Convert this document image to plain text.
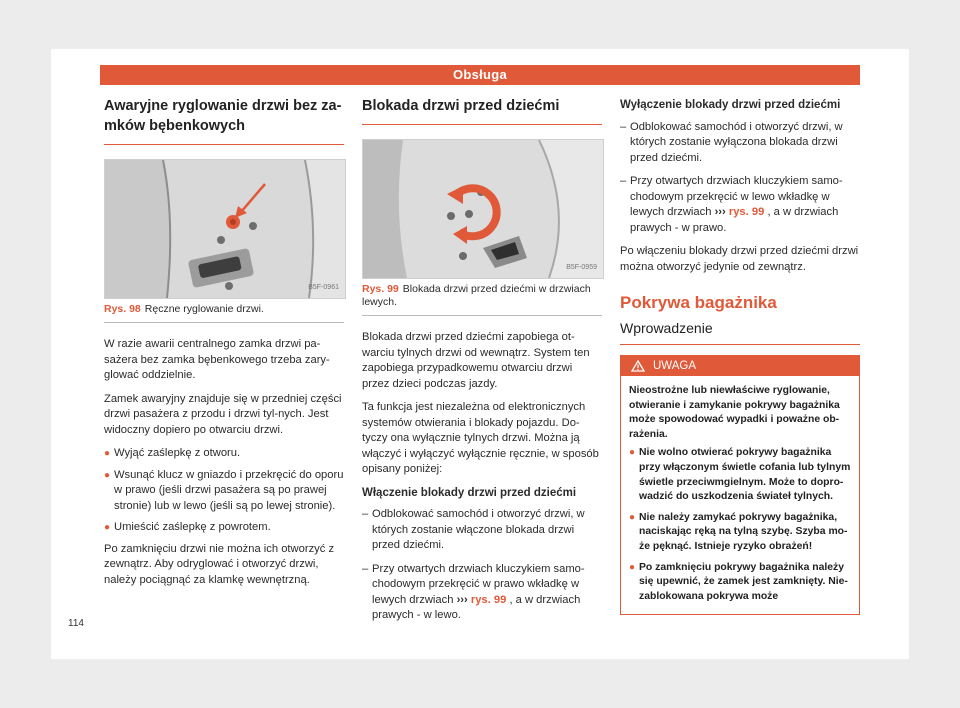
Obsługa
Awaryjne ryglowanie drzwi bez za-mków bębenkowych
B5F-0961
Rys. 98 Ręczne ryglowanie drzwi.

W razie awarii centralnego zamka drzwi pa-sażera bez zamka bębenkowego trzeba zary-glować oddzielnie.

Zamek awaryjny znajduje się w przedniej części drzwi pasażera z przodu i drzwi tyl-nych. Jest widoczny dopiero po otwarciu drzwi.

● Wyjąć zaślepkę z otworu.
● Wsunąć klucz w gniazdo i przekręcić do oporu w prawo (jeśli drzwi pasażera są po prawej stronie) lub w lewo (jeśli są po lewej stronie).
● Umieścić zaślepkę z powrotem.

Po zamknięciu drzwi nie można ich otworzyć z zewnątrz. Aby odryglować i otworzyć drzwi, należy pociągnąć za klamkę wewnętrzną.

Blokada drzwi przed dziećmi
B5F-0959
Rys. 99 Blokada drzwi przed dziećmi w drzwiach lewych.

Blokada drzwi przed dziećmi zapobiega ot-warciu tylnych drzwi od wewnątrz. System ten zapobiega przypadkowemu otwarciu drzwi przez dzieci podczas jazdy.

Ta funkcja jest niezależna od elektronicznych systemów otwierania i blokady pojazdu. Do-tyczy ona wyłącznie tylnych drzwi. Można ją włączyć i wyłączyć wyłącznie ręcznie, w sposób opisany poniżej:

Włączenie blokady drzwi przed dziećmi
– Odblokować samochód i otworzyć drzwi, w których zostanie włączone blokada drzwi przed dziećmi.
– Przy otwartych drzwiach kluczykiem samo-chodowym przekręcić w prawo wkładkę w lewych drzwiach ››› rys. 99 , a w drzwiach prawych - w lewo.
Wyłączenie blokady drzwi przed dziećmi
– Odblokować samochód i otworzyć drzwi, w których zostanie wyłączona blokada drzwi przed dziećmi.
– Przy otwartych drzwiach kluczykiem samo-chodowym przekręcić w lewo wkładkę w lewych drzwiach ››› rys. 99 , a w drzwiach prawych - w prawo.

Po włączeniu blokady drzwi przed dziećmi drzwi można otworzyć jedynie od zewnątrz.

Pokrywa bagażnika
Wprowadzenie
UWAGA

Nieostrożne lub niewłaściwe ryglowanie, otwieranie i zamykanie pokrywy bagażnika może spowodować wypadki i poważne ob-rażenia.

● Nie wolno otwierać pokrywy bagażnika przy włączonym świetle cofania lub tylnym świetle przeciwmgielnym. Może to dopro-wadzić do uszkodzenia świateł tylnych.
● Nie należy zamykać pokrywy bagażnika, naciskając ręką na tylną szybę. Szyba mo-że pęknąć. Istnieje ryzyko obrażeń!
● Po zamknięciu pokrywy bagażnika należy się upewnić, że zamek jest zamknięty. Nie-zablokowana pokrywa może
114
